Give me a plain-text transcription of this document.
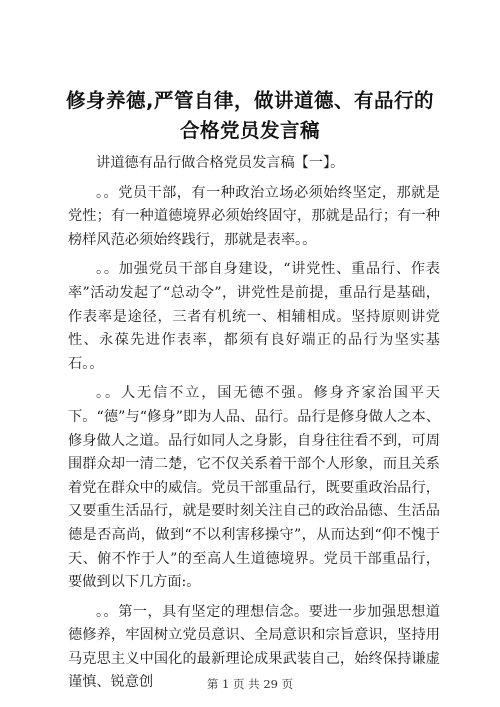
修身养德,严管自律，做讲道德、有品行的合格党员发言稿

讲道德有品行做合格党员发言稿【一】。

。。党员干部，有一种政治立场必须始终坚定，那就是党性；有一种道德境界必须始终固守，那就是品行；有一种榜样风范必须始终践行，那就是表率。。

。。加强党员干部自身建设，“讲党性、重品行、作表率”活动发起了“总动令”，讲党性是前提，重品行是基础，作表率是途径，三者有机统一、相辅相成。坚持原则讲党性、永葆先进作表率，都须有良好端正的品行为坚实基石。。

。。人无信不立，国无德不强。修身齐家治国平天下。“德”与“修身”即为人品、品行。品行是修身做人之本、修身做人之道。品行如同人之身影，自身往往看不到，可周围群众却一清二楚，它不仅关系着干部个人形象，而且关系着党在群众中的威信。党员干部重品行，既要重政治品行，又要重生活品行，就是要时刻关注自己的政治品德、生活品德是否高尚，做到“不以利害移操守”，从而达到“仰不愧于天、俯不怍于人”的至高人生道德境界。党员干部重品行，要做到以下几方面:。

。。第一，具有坚定的理想信念。要进一步加强思想道德修养，牢固树立党员意识、全局意识和宗旨意识，坚持用马克思主义中国化的最新理论成果武装自己，始终保持谦虚谨慎、锐意创	第 1 页 共 29 页
